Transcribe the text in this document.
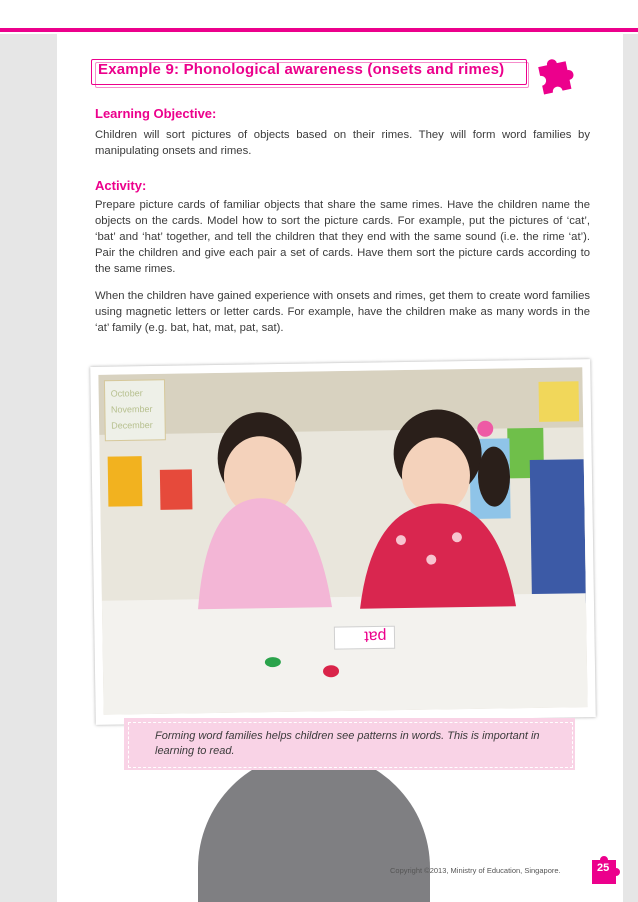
Example 9: Phonological awareness (onsets and rimes)
Learning Objective:

Children will sort pictures of objects based on their rimes. They will form word families by manipulating onsets and rimes.

Activity:

Prepare picture cards of familiar objects that share the same rimes. Have the children name the objects on the cards. Model how to sort the picture cards. For example, put the pictures of ‘cat’, ‘bat’ and ‘hat’ together, and tell the children that they end with the same sound (i.e. the rime ‘at’). Pair the children and give each pair a set of cards. Have them sort the picture cards according to the same rimes.

When the children have gained experience with onsets and rimes, get them to create word families using magnetic letters or letter cards. For example, have the children make as many words in the ‘at’ family (e.g. bat, hat, mat, pat, sat).

October
November
December
pat

Forming word families helps children see patterns in words. This is important in learning to read.

Copyright ©2013, Ministry of Education, Singapore.	25
